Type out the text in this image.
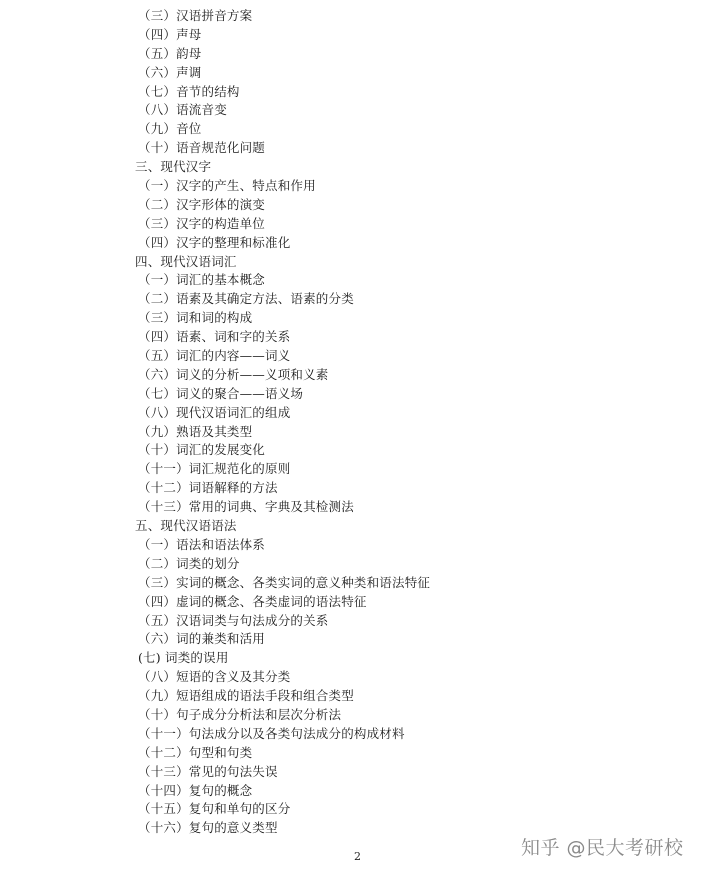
（三）汉语拼音方案
（四）声母
（五）韵母
（六）声调
（七）音节的结构
（八）语流音变
（九）音位
（十）语音规范化问题
三、现代汉字
（一）汉字的产生、特点和作用
（二）汉字形体的演变
（三）汉字的构造单位
（四）汉字的整理和标准化
四、现代汉语词汇
（一）词汇的基本概念
（二）语素及其确定方法、语素的分类
（三）词和词的构成
（四）语素、词和字的关系
（五）词汇的内容——词义
（六）词义的分析——义项和义素
（七）词义的聚合——语义场
（八）现代汉语词汇的组成
（九）熟语及其类型
（十）词汇的发展变化
（十一）词汇规范化的原则
（十二）词语解释的方法
（十三）常用的词典、字典及其检测法
五、现代汉语语法
（一）语法和语法体系
（二）词类的划分
（三）实词的概念、各类实词的意义种类和语法特征
（四）虚词的概念、各类虚词的语法特征
（五）汉语词类与句法成分的关系
（六）词的兼类和活用
(七) 词类的误用
（八）短语的含义及其分类
（九）短语组成的语法手段和组合类型
（十）句子成分分析法和层次分析法
（十一）句法成分以及各类句法成分的构成材料
（十二）句型和句类
（十三）常见的句法失误
（十四）复句的概念
（十五）复句和单句的区分
（十六）复句的意义类型
2	知乎 @民大考研校
